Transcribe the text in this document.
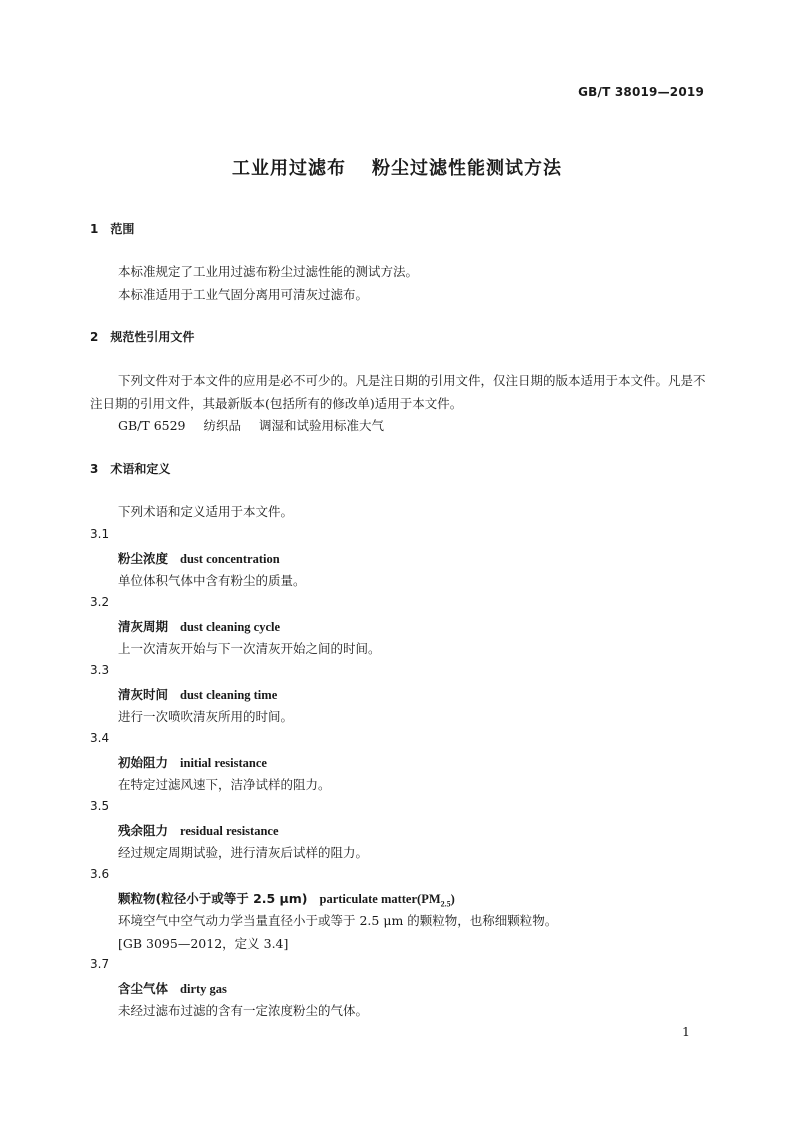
GB/T 38019—2019
工业用过滤布 粉尘过滤性能测试方法
1 范围
本标准规定了工业用过滤布粉尘过滤性能的测试方法。
本标准适用于工业气固分离用可清灰过滤布。
2 规范性引用文件
下列文件对于本文件的应用是必不可少的。凡是注日期的引用文件，仅注日期的版本适用于本文件。凡是不注日期的引用文件，其最新版本(包括所有的修改单)适用于本文件。
GB/T 6529 纺织品 调湿和试验用标准大气
3 术语和定义
下列术语和定义适用于本文件。
3.1
粉尘浓度 dust concentration
单位体积气体中含有粉尘的质量。
3.2
清灰周期 dust cleaning cycle
上一次清灰开始与下一次清灰开始之间的时间。
3.3
清灰时间 dust cleaning time
进行一次喷吹清灰所用的时间。
3.4
初始阻力 initial resistance
在特定过滤风速下，洁净试样的阻力。
3.5
残余阻力 residual resistance
经过规定周期试验，进行清灰后试样的阻力。
3.6
颗粒物(粒径小于或等于 2.5 μm) particulate $matter(PM_{2.5})$
环境空气中空气动力学当量直径小于或等于 2.5 μm 的颗粒物，也称细颗粒物。
[GB 3095—2012，定义 3.4]
3.7
含尘气体 dirty gas
未经过滤布过滤的含有一定浓度粉尘的气体。
1
